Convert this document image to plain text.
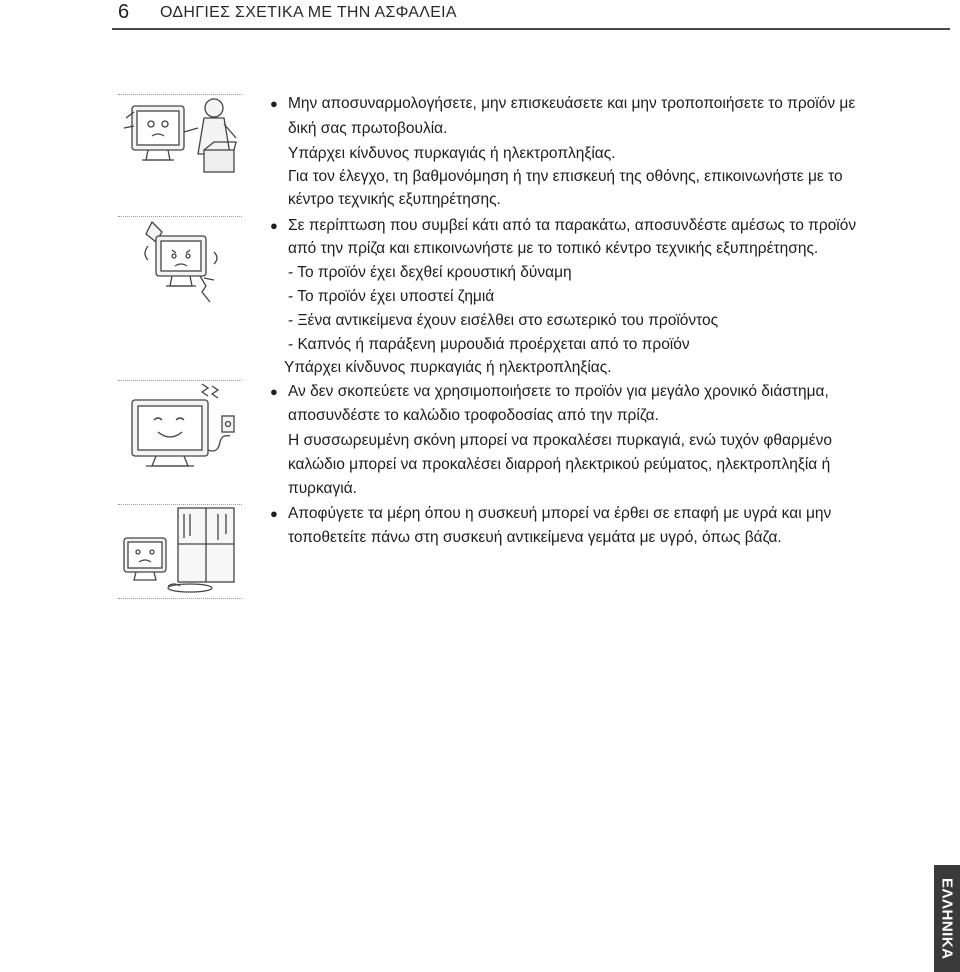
6 ΟΔΗΓΙΕΣ ΣΧΕΤΙΚΑ ΜΕ ΤΗΝ ΑΣΦΑΛΕΙΑ
●
●
●
●
Μην αποσυναρμολογήσετε, μην επισκευάσετε και μην τροποποιήσετε το προϊόν με
δική σας πρωτοβουλία.
Υπάρχει κίνδυνος πυρκαγιάς ή ηλεκτροπληξίας.
Για τον έλεγχο, τη βαθμονόμηση ή την επισκευή της οθόνης, επικοινωνήστε με το
κέντρο τεχνικής εξυπηρέτησης.
Σε περίπτωση που συμβεί κάτι από τα παρακάτω, αποσυνδέστε αμέσως το προϊόν
από την πρίζα και επικοινωνήστε με το τοπικό κέντρο τεχνικής εξυπηρέτησης.
- Το προϊόν έχει δεχθεί κρουστική δύναμη
- Το προϊόν έχει υποστεί ζημιά
- Ξένα αντικείμενα έχουν εισέλθει στο εσωτερικό του προϊόντος
- Καπνός ή παράξενη μυρουδιά προέρχεται από το προϊόν
Υπάρχει κίνδυνος πυρκαγιάς ή ηλεκτροπληξίας.
Αν δεν σκοπεύετε να χρησιμοποιήσετε το προϊόν για μεγάλο χρονικό διάστημα,
αποσυνδέστε το καλώδιο τροφοδοσίας από την πρίζα.
Η συσσωρευμένη σκόνη μπορεί να προκαλέσει πυρκαγιά, ενώ τυχόν φθαρμένο
καλώδιο μπορεί να προκαλέσει διαρροή ηλεκτρικού ρεύματος, ηλεκτροπληξία ή
πυρκαγιά.
Αποφύγετε τα μέρη όπου η συσκευή μπορεί να έρθει σε επαφή με υγρά και μην
τοποθετείτε πάνω στη συσκευή αντικείμενα γεμάτα με υγρό, όπως βάζα.
ΕΛΛΗΝΙΚΑ
